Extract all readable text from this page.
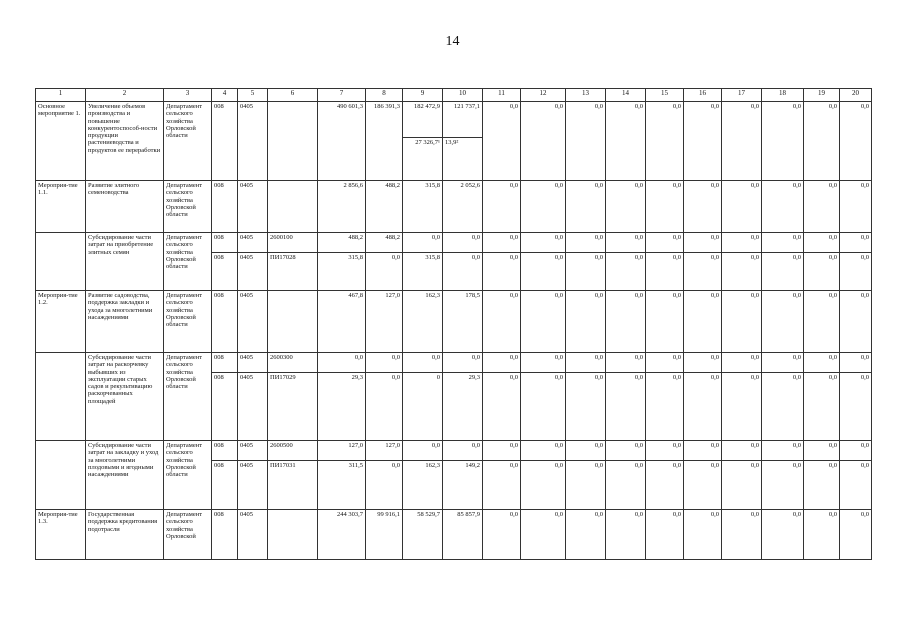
14
1	2	3	4	5	6	7	8	9	10	11	12	13	14	15	16	17	18	19	20
Основное мероприятие 1.	Увеличение объемов производства и повышение конкурентоспособ-ности продукции растениеводства и продуктов ее переработки	Департамент сельского хозяйства Орловской области	008	0405		490 601,3	186 391,3	182 472,9	121 737,1	0,0	0,0	0,0	0,0	0,0	0,0	0,0	0,0	0,0	0,0
								27 326,7¹	13,9²										
Мероприя-тие 1.1.	Развитие элитного семеноводства	Департамент сельского хозяйства Орловской области	008	0405		2 856,6	488,2	315,8	2 052,6	0,0	0,0	0,0	0,0	0,0	0,0	0,0	0,0	0,0	0,0
	Субсидирование части затрат на приобретение элитных семян	Департамент сельского хозяйства Орловской области	008	0405	2600100	488,2	488,2	0,0	0,0	0,0	0,0	0,0	0,0	0,0	0,0	0,0	0,0	0,0	0,0
			008	0405	ПИ17028	315,8	0,0	315,8	0,0	0,0	0,0	0,0	0,0	0,0	0,0	0,0	0,0	0,0	0,0
Мероприя-тие 1.2.	Развитие садоводства, поддержка закладки и ухода за многолетними насаждениями	Департамент сельского хозяйства Орловской области	008	0405		467,8	127,0	162,3	178,5	0,0	0,0	0,0	0,0	0,0	0,0	0,0	0,0	0,0	0,0
	Субсидирование части затрат на раскорчевку выбывших из эксплуатации старых садов и рекультивацию раскорчеванных площадей	Департамент сельского хозяйства Орловской области	008	0405	2600300	0,0	0,0	0,0	0,0	0,0	0,0	0,0	0,0	0,0	0,0	0,0	0,0	0,0	0,0
			008	0405	ПИ17029	29,3	0,0	0	29,3	0,0	0,0	0,0	0,0	0,0	0,0	0,0	0,0	0,0	0,0
	Субсидирование части затрат на закладку и уход за многолетними плодовыми и ягодными насаждениями	Департамент сельского хозяйства Орловской области	008	0405	2600500	127,0	127,0	0,0	0,0	0,0	0,0	0,0	0,0	0,0	0,0	0,0	0,0	0,0	0,0
			008	0405	ПИ17031	311,5	0,0	162,3	149,2	0,0	0,0	0,0	0,0	0,0	0,0	0,0	0,0	0,0	0,0
Мероприя-тие 1.3.	Государственная поддержка кредитования подотрасли	Департамент сельского хозяйства Орловской	008	0405		244 303,7	99 916,1	58 529,7	85 857,9	0,0	0,0	0,0	0,0	0,0	0,0	0,0	0,0	0,0	0,0
